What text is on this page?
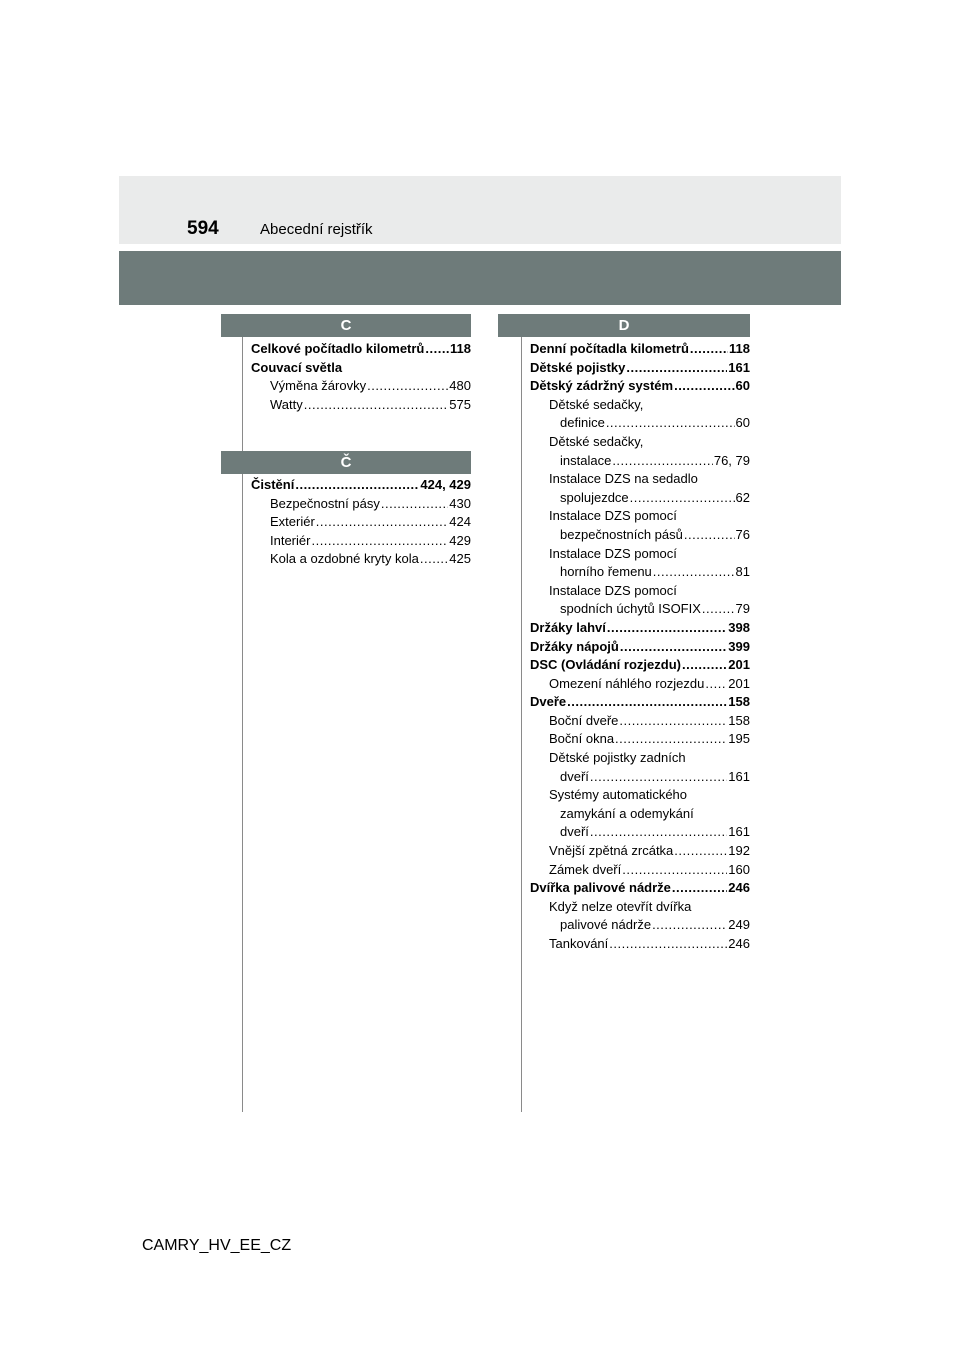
594	Abecední rejstřík
C
Celkové počítadlo kilometrů ..... 118
Couvací světla
Výměna žárovky .....	480
Watty .....	575
Č
Čistění .....	424, 429
Bezpečnostní pásy .....	430
Exteriér .....	424
Interiér .....	429
Kola a ozdobné kryty kola ..... 425
D
Denní počítadla kilometrů .....	118
Dětské pojistky .....	161
Dětský zádržný systém .....	60
Dětské sedačky,
definice .....	60
Dětské sedačky,
instalace .....	76, 79
Instalace DZS na sedadlo
spolujezdce .....	62
Instalace DZS pomocí
bezpečnostních pásů .....	76
Instalace DZS pomocí
horního řemenu .....	81
Instalace DZS pomocí
spodních úchytů ISOFIX .....	79
Držáky lahví .....	398
Držáky nápojů .....	399
DSC (Ovládání rozjezdu) .....	201
Omezení náhlého rozjezdu ..... 201
Dveře .....	158
Boční dveře .....	158
Boční okna .....	195
Dětské pojistky zadních
dveří .....	161
Systémy automatického
zamykání a odemykání
dveří .....	161
Vnější zpětná zrcátka .....	192
Zámek dveří .....	160
Dvířka palivové nádrže .....	246
Když nelze otevřít dvířka
palivové nádrže .....	249
Tankování .....	246
CAMRY_HV_EE_CZ
